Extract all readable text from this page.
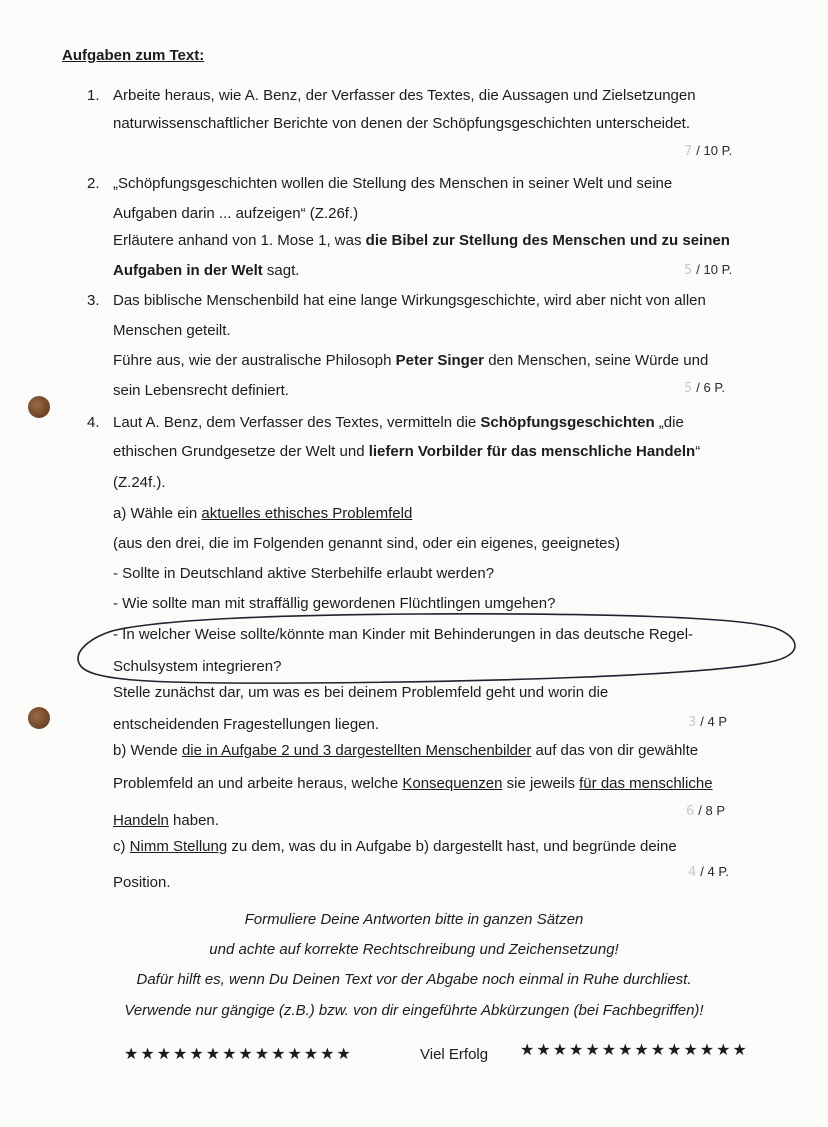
Aufgaben zum Text:
1. Arbeite heraus, wie A. Benz, der Verfasser des Textes, die Aussagen und Zielsetzungen
naturwissenschaftlicher Berichte von denen der Schöpfungsgeschichten unterscheidet.
7 / 10 P.
2. „Schöpfungsgeschichten wollen die Stellung des Menschen in seiner Welt und seine
Aufgaben darin ... aufzeigen“ (Z.26f.)
Erläutere anhand von 1. Mose 1, was die Bibel zur Stellung des Menschen und zu seinen
Aufgaben in der Welt sagt.	5 / 10 P.
3. Das biblische Menschenbild hat eine lange Wirkungsgeschichte, wird aber nicht von allen
Menschen geteilt.
Führe aus, wie der australische Philosoph Peter Singer den Menschen, seine Würde und
sein Lebensrecht definiert.	5 / 6 P.
4. Laut A. Benz, dem Verfasser des Textes, vermitteln die Schöpfungsgeschichten „die
ethischen Grundgesetze der Welt und liefern Vorbilder für das menschliche Handeln“
(Z.24f.).
a) Wähle ein aktuelles ethisches Problemfeld
(aus den drei, die im Folgenden genannt sind, oder ein eigenes, geeignetes)
- Sollte in Deutschland aktive Sterbehilfe erlaubt werden?
- Wie sollte man mit straffällig gewordenen Flüchtlingen umgehen?
- In welcher Weise sollte/könnte man Kinder mit Behinderungen in das deutsche Regel-
Schulsystem integrieren?
Stelle zunächst dar, um was es bei deinem Problemfeld geht und worin die
entscheidenden Fragestellungen liegen.	3 / 4 P
b) Wende die in Aufgabe 2 und 3 dargestellten Menschenbilder auf das von dir gewählte
Problemfeld an und arbeite heraus, welche Konsequenzen sie jeweils für das menschliche
Handeln haben.
6 / 8 P
c) Nimm Stellung zu dem, was du in Aufgabe b) dargestellt hast, und begründe deine
Position.
4 / 4 P.
Formuliere Deine Antworten bitte in ganzen Sätzen
und achte auf korrekte Rechtschreibung und Zeichensetzung!
Dafür hilft es, wenn Du Deinen Text vor der Abgabe noch einmal in Ruhe durchliest.
Verwende nur gängige (z.B.) bzw. von dir eingeführte Abkürzungen (bei Fachbegriffen)!
★★★★★★★★★★★★★★	Viel Erfolg ★★★★★★★★★★★★★★
